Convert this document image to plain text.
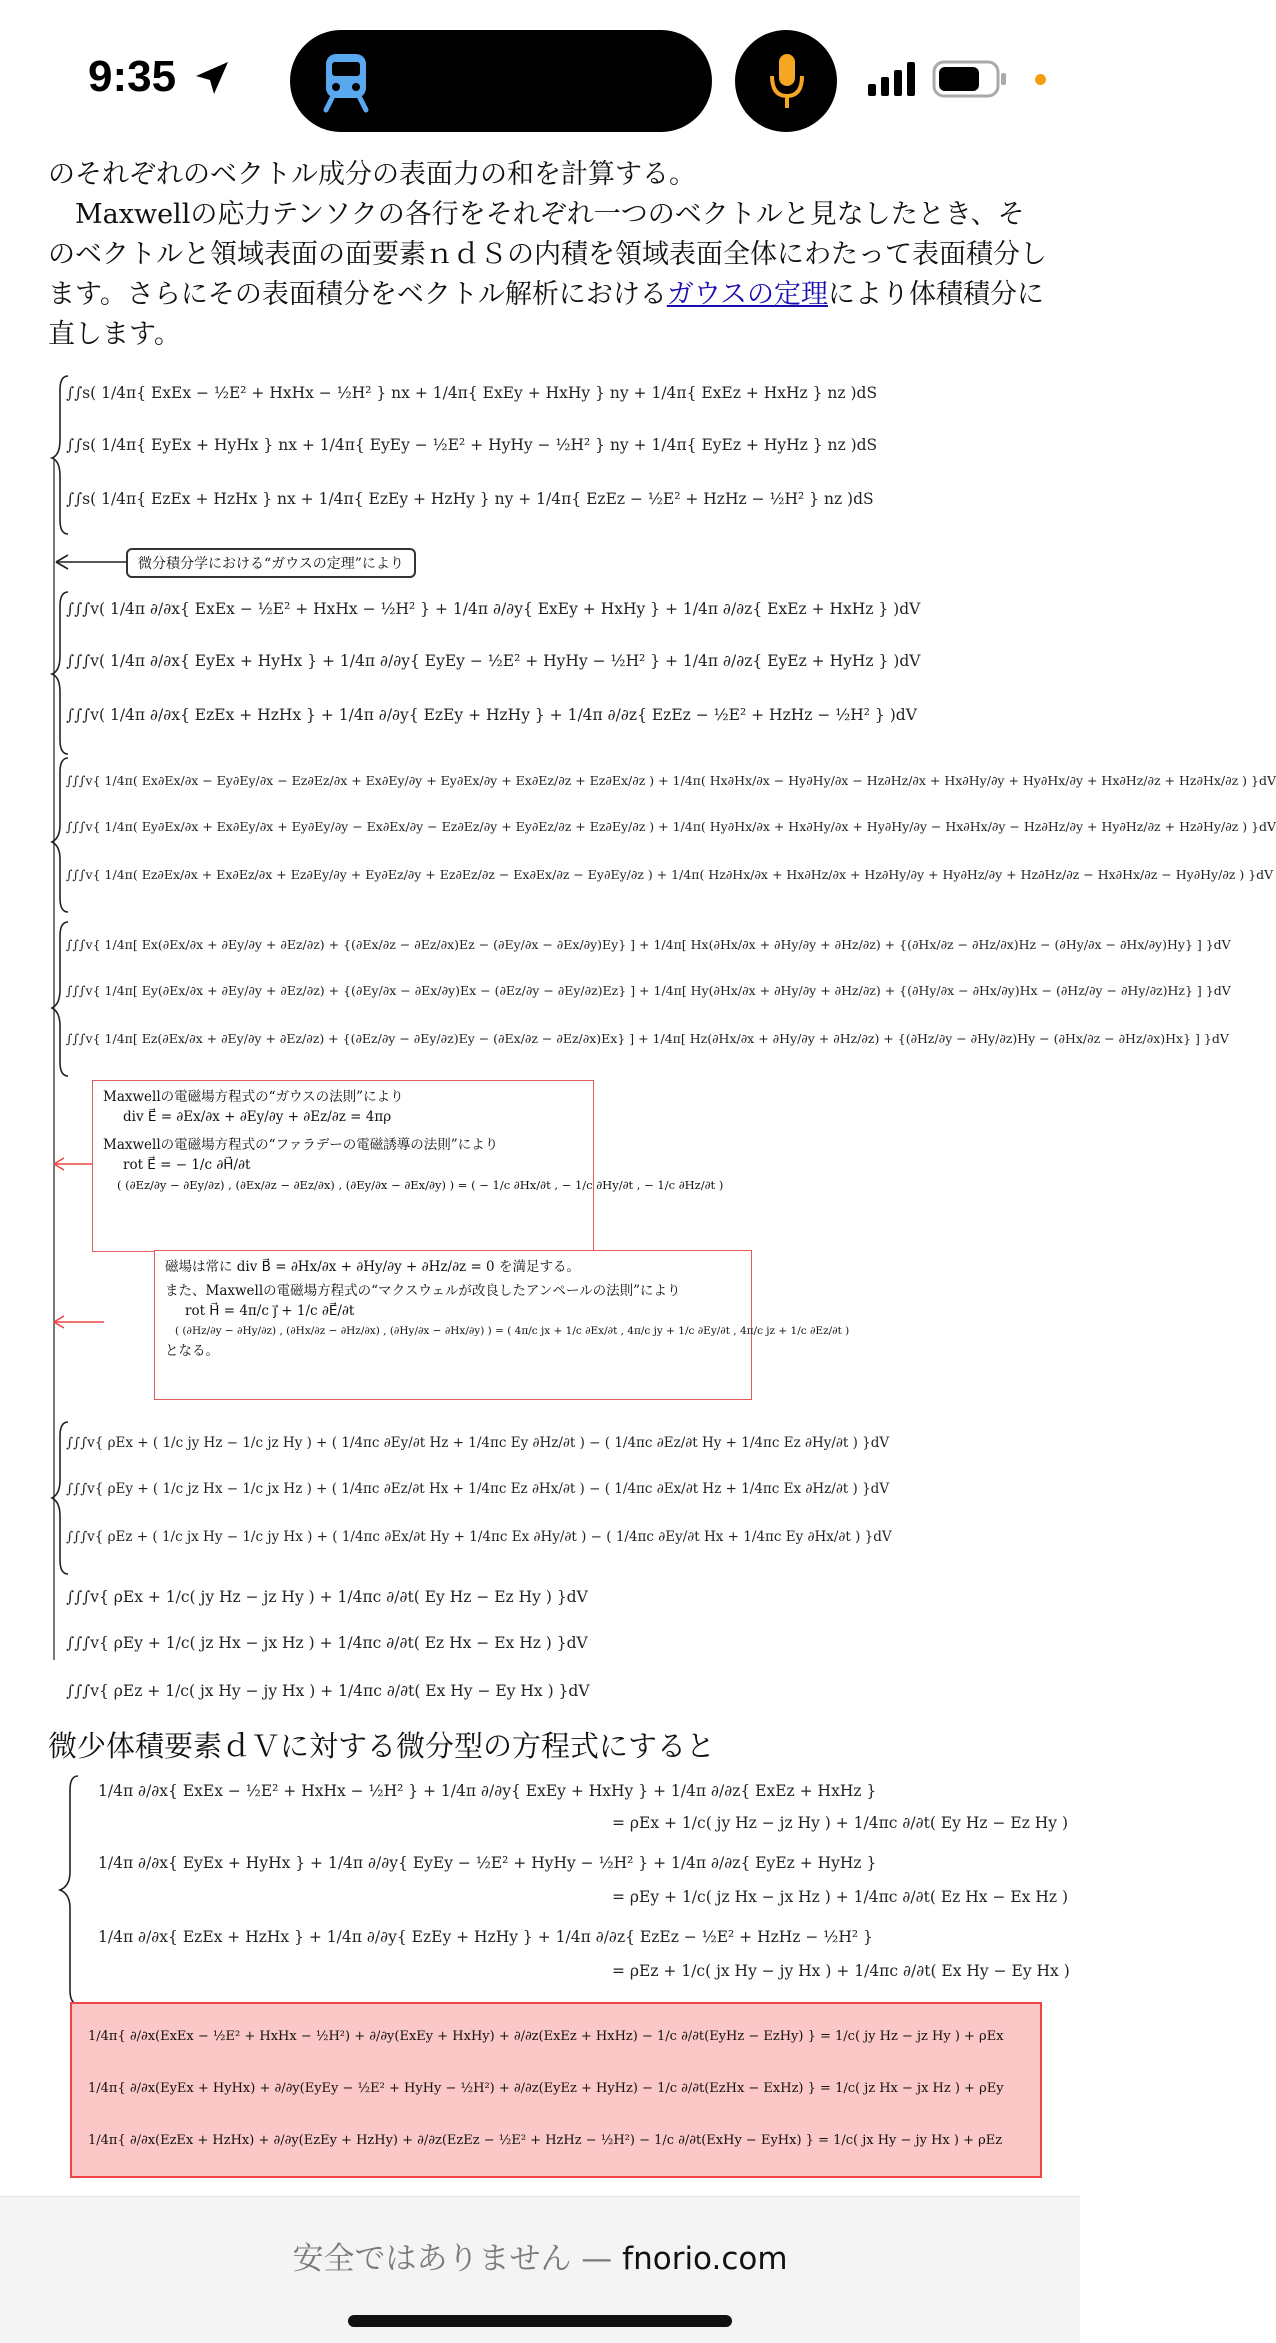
9:35

のそれぞれのベクトル成分の表面力の和を計算する。

Maxwellの応力テンソクの各行をそれぞれ一つのベクトルと見なしたとき、そのベクトルと領域表面の面要素ｎｄＳの内積を領域表面全体にわたって表面積分します。さらにその表面積分をベクトル解析におけるガウスの定理により体積積分に直します。

∫∫s( 1/4π{ ExEx − ½E² + HxHx − ½H² } nx + 1/4π{ ExEy + HxHy } ny + 1/4π{ ExEz + HxHz } nz )dS
∫∫s( 1/4π{ EyEx + HyHx } nx + 1/4π{ EyEy − ½E² + HyHy − ½H² } ny + 1/4π{ EyEz + HyHz } nz )dS
∫∫s( 1/4π{ EzEx + HzHx } nx + 1/4π{ EzEy + HzHy } ny + 1/4π{ EzEz − ½E² + HzHz − ½H² } nz )dS
微分積分学における“ガウスの定理”により
∫∫∫v( 1/4π ∂/∂x{ ExEx − ½E² + HxHx − ½H² } + 1/4π ∂/∂y{ ExEy + HxHy } + 1/4π ∂/∂z{ ExEz + HxHz } )dV
∫∫∫v( 1/4π ∂/∂x{ EyEx + HyHx } + 1/4π ∂/∂y{ EyEy − ½E² + HyHy − ½H² } + 1/4π ∂/∂z{ EyEz + HyHz } )dV
∫∫∫v( 1/4π ∂/∂x{ EzEx + HzHx } + 1/4π ∂/∂y{ EzEy + HzHy } + 1/4π ∂/∂z{ EzEz − ½E² + HzHz − ½H² } )dV
∫∫∫v{ 1/4π( Ex∂Ex/∂x − Ey∂Ey/∂x − Ez∂Ez/∂x + Ex∂Ey/∂y + Ey∂Ex/∂y + Ex∂Ez/∂z + Ez∂Ex/∂z ) + 1/4π( Hx∂Hx/∂x − Hy∂Hy/∂x − Hz∂Hz/∂x + Hx∂Hy/∂y + Hy∂Hx/∂y + Hx∂Hz/∂z + Hz∂Hx/∂z ) }dV
∫∫∫v{ 1/4π( Ey∂Ex/∂x + Ex∂Ey/∂x + Ey∂Ey/∂y − Ex∂Ex/∂y − Ez∂Ez/∂y + Ey∂Ez/∂z + Ez∂Ey/∂z ) + 1/4π( Hy∂Hx/∂x + Hx∂Hy/∂x + Hy∂Hy/∂y − Hx∂Hx/∂y − Hz∂Hz/∂y + Hy∂Hz/∂z + Hz∂Hy/∂z ) }dV
∫∫∫v{ 1/4π( Ez∂Ex/∂x + Ex∂Ez/∂x + Ez∂Ey/∂y + Ey∂Ez/∂y + Ez∂Ez/∂z − Ex∂Ex/∂z − Ey∂Ey/∂z ) + 1/4π( Hz∂Hx/∂x + Hx∂Hz/∂x + Hz∂Hy/∂y + Hy∂Hz/∂y + Hz∂Hz/∂z − Hx∂Hx/∂z − Hy∂Hy/∂z ) }dV
∫∫∫v{ 1/4π[ Ex(∂Ex/∂x + ∂Ey/∂y + ∂Ez/∂z) + {(∂Ex/∂z − ∂Ez/∂x)Ez − (∂Ey/∂x − ∂Ex/∂y)Ey} ] + 1/4π[ Hx(∂Hx/∂x + ∂Hy/∂y + ∂Hz/∂z) + {(∂Hx/∂z − ∂Hz/∂x)Hz − (∂Hy/∂x − ∂Hx/∂y)Hy} ] }dV
∫∫∫v{ 1/4π[ Ey(∂Ex/∂x + ∂Ey/∂y + ∂Ez/∂z) + {(∂Ey/∂x − ∂Ex/∂y)Ex − (∂Ez/∂y − ∂Ey/∂z)Ez} ] + 1/4π[ Hy(∂Hx/∂x + ∂Hy/∂y + ∂Hz/∂z) + {(∂Hy/∂x − ∂Hx/∂y)Hx − (∂Hz/∂y − ∂Hy/∂z)Hz} ] }dV
∫∫∫v{ 1/4π[ Ez(∂Ex/∂x + ∂Ey/∂y + ∂Ez/∂z) + {(∂Ez/∂y − ∂Ey/∂z)Ey − (∂Ex/∂z − ∂Ez/∂x)Ex} ] + 1/4π[ Hz(∂Hx/∂x + ∂Hy/∂y + ∂Hz/∂z) + {(∂Hz/∂y − ∂Hy/∂z)Hy − (∂Hx/∂z − ∂Hz/∂x)Hx} ] }dV
Maxwellの電磁場方程式の“ガウスの法則”により
div E⃗ = ∂Ex/∂x + ∂Ey/∂y + ∂Ez/∂z = 4πρ
Maxwellの電磁場方程式の“ファラデーの電磁誘導の法則”により
rot E⃗ = − 1/c ∂H⃗/∂t
( (∂Ez/∂y − ∂Ey/∂z) , (∂Ex/∂z − ∂Ez/∂x) , (∂Ey/∂x − ∂Ex/∂y) ) = ( − 1/c ∂Hx/∂t , − 1/c ∂Hy/∂t , − 1/c ∂Hz/∂t )
磁場は常に div B⃗ = ∂Hx/∂x + ∂Hy/∂y + ∂Hz/∂z = 0 を満足する。
また、Maxwellの電磁場方程式の“マクスウェルが改良したアンペールの法則”により
rot H⃗ = 4π/c j⃗ + 1/c ∂E⃗/∂t
( (∂Hz/∂y − ∂Hy/∂z) , (∂Hx/∂z − ∂Hz/∂x) , (∂Hy/∂x − ∂Hx/∂y) ) = ( 4π/c jx + 1/c ∂Ex/∂t , 4π/c jy + 1/c ∂Ey/∂t , 4π/c jz + 1/c ∂Ez/∂t )
となる。
∫∫∫v{ ρEx + ( 1/c jy Hz − 1/c jz Hy ) + ( 1/4πc ∂Ey/∂t Hz + 1/4πc Ey ∂Hz/∂t ) − ( 1/4πc ∂Ez/∂t Hy + 1/4πc Ez ∂Hy/∂t ) }dV
∫∫∫v{ ρEy + ( 1/c jz Hx − 1/c jx Hz ) + ( 1/4πc ∂Ez/∂t Hx + 1/4πc Ez ∂Hx/∂t ) − ( 1/4πc ∂Ex/∂t Hz + 1/4πc Ex ∂Hz/∂t ) }dV
∫∫∫v{ ρEz + ( 1/c jx Hy − 1/c jy Hx ) + ( 1/4πc ∂Ex/∂t Hy + 1/4πc Ex ∂Hy/∂t ) − ( 1/4πc ∂Ey/∂t Hx + 1/4πc Ey ∂Hx/∂t ) }dV
∫∫∫v{ ρEx + 1/c( jy Hz − jz Hy ) + 1/4πc ∂/∂t( Ey Hz − Ez Hy ) }dV
∫∫∫v{ ρEy + 1/c( jz Hx − jx Hz ) + 1/4πc ∂/∂t( Ez Hx − Ex Hz ) }dV
∫∫∫v{ ρEz + 1/c( jx Hy − jy Hx ) + 1/4πc ∂/∂t( Ex Hy − Ey Hx ) }dV
微少体積要素ｄＶに対する微分型の方程式にすると
1/4π ∂/∂x{ ExEx − ½E² + HxHx − ½H² } + 1/4π ∂/∂y{ ExEy + HxHy } + 1/4π ∂/∂z{ ExEz + HxHz }
= ρEx + 1/c( jy Hz − jz Hy ) + 1/4πc ∂/∂t( Ey Hz − Ez Hy )
1/4π ∂/∂x{ EyEx + HyHx } + 1/4π ∂/∂y{ EyEy − ½E² + HyHy − ½H² } + 1/4π ∂/∂z{ EyEz + HyHz }
= ρEy + 1/c( jz Hx − jx Hz ) + 1/4πc ∂/∂t( Ez Hx − Ex Hz )
1/4π ∂/∂x{ EzEx + HzHx } + 1/4π ∂/∂y{ EzEy + HzHy } + 1/4π ∂/∂z{ EzEz − ½E² + HzHz − ½H² }
= ρEz + 1/c( jx Hy − jy Hx ) + 1/4πc ∂/∂t( Ex Hy − Ey Hx )
1/4π{ ∂/∂x(ExEx − ½E² + HxHx − ½H²) + ∂/∂y(ExEy + HxHy) + ∂/∂z(ExEz + HxHz) − 1/c ∂/∂t(EyHz − EzHy) } = 1/c( jy Hz − jz Hy ) + ρEx
1/4π{ ∂/∂x(EyEx + HyHx) + ∂/∂y(EyEy − ½E² + HyHy − ½H²) + ∂/∂z(EyEz + HyHz) − 1/c ∂/∂t(EzHx − ExHz) } = 1/c( jz Hx − jx Hz ) + ρEy
1/4π{ ∂/∂x(EzEx + HzHx) + ∂/∂y(EzEy + HzHy) + ∂/∂z(EzEz − ½E² + HzHz − ½H²) − 1/c ∂/∂t(ExHy − EyHx) } = 1/c( jx Hy − jy Hx ) + ρEz
安全ではありません — fnorio.com
